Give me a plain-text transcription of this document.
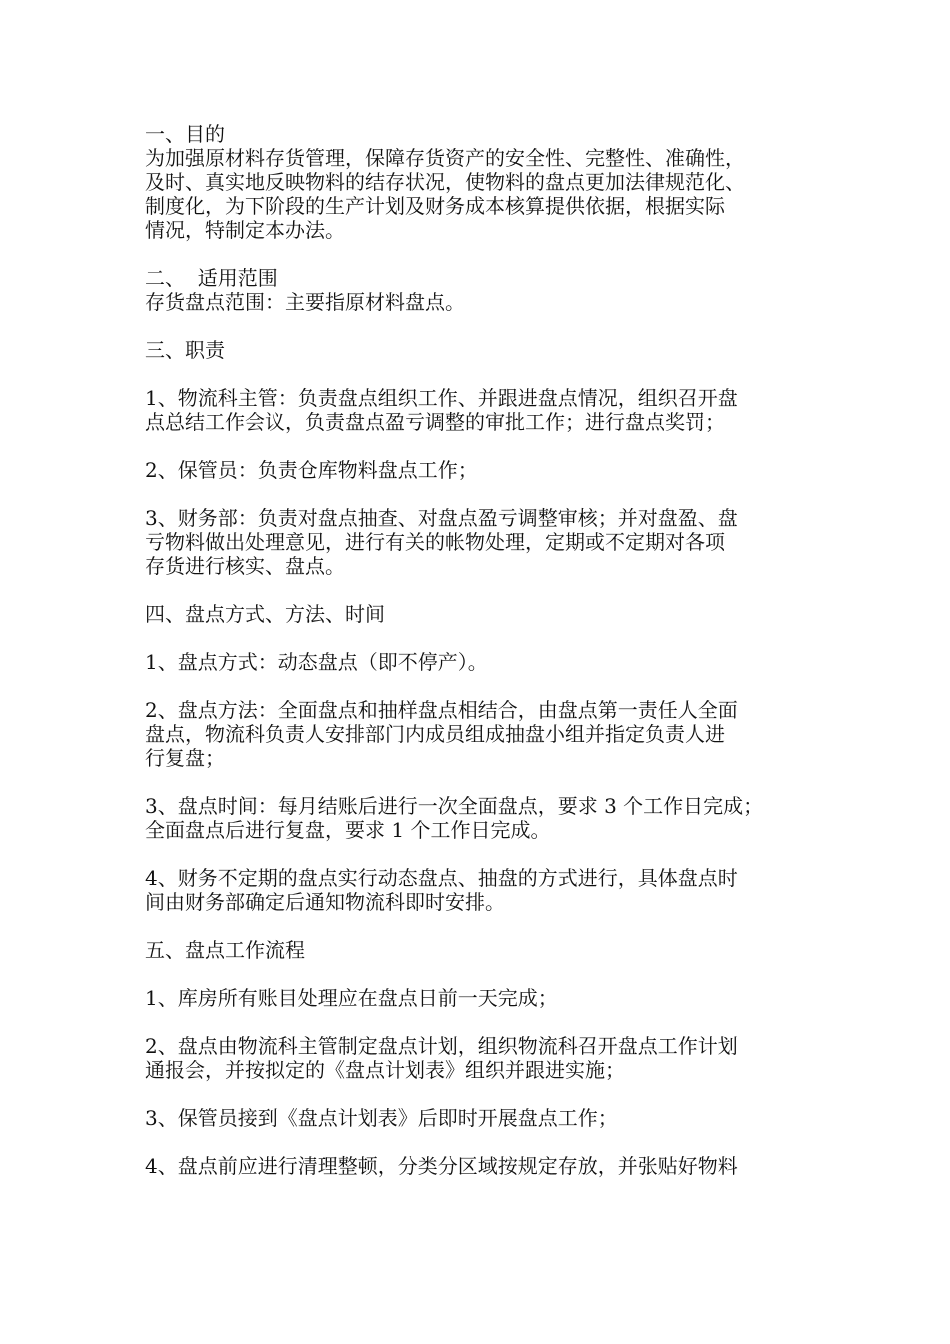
一、目的
为加强原材料存货管理，保障存货资产的安全性、完整性、准确性，
及时、真实地反映物料的结存状况，使物料的盘点更加法律规范化、
制度化，为下阶段的生产计划及财务成本核算提供依据，根据实际
情况，特制定本办法。
二、  适用范围
存货盘点范围：主要指原材料盘点。
三、职责
1、物流科主管：负责盘点组织工作、并跟进盘点情况，组织召开盘
点总结工作会议，负责盘点盈亏调整的审批工作；进行盘点奖罚；
2、保管员：负责仓库物料盘点工作；
3、财务部：负责对盘点抽查、对盘点盈亏调整审核；并对盘盈、盘
亏物料做出处理意见，进行有关的帐物处理，定期或不定期对各项
存货进行核实、盘点。
四、盘点方式、方法、时间
1、盘点方式：动态盘点（即不停产）。
2、盘点方法：全面盘点和抽样盘点相结合，由盘点第一责任人全面
盘点，物流科负责人安排部门内成员组成抽盘小组并指定负责人进
行复盘；
3、盘点时间：每月结账后进行一次全面盘点，要求 3 个工作日完成；
全面盘点后进行复盘，要求 1 个工作日完成。
4、财务不定期的盘点实行动态盘点、抽盘的方式进行，具体盘点时
间由财务部确定后通知物流科即时安排。
五、盘点工作流程
1、库房所有账目处理应在盘点日前一天完成；
2、盘点由物流科主管制定盘点计划，组织物流科召开盘点工作计划
通报会，并按拟定的《盘点计划表》组织并跟进实施；
3、保管员接到《盘点计划表》后即时开展盘点工作；
4、盘点前应进行清理整顿，分类分区域按规定存放，并张贴好物料
